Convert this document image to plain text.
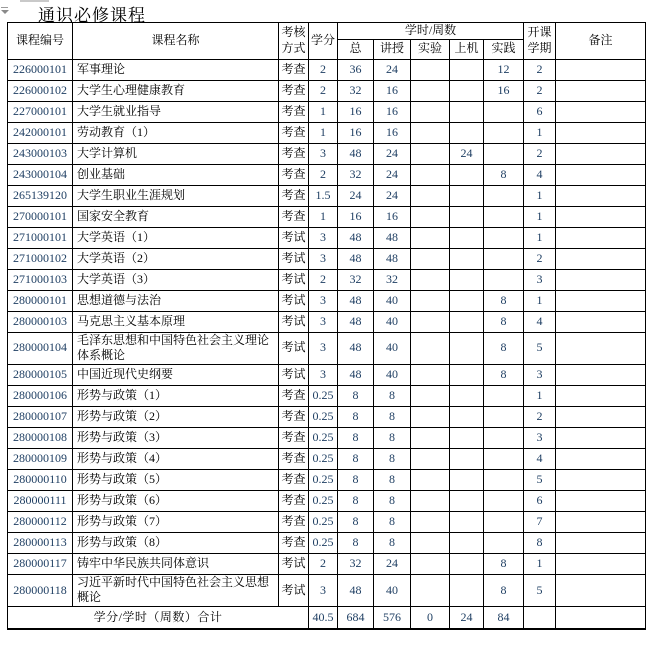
通识必修课程
课程编号	课程名称	考核方式	学分	学时/周数					开课学期	备注
				总	讲授	实验	上机	实践		
226000101	军事理论	考查	2	36	24			12	2	
226000102	大学生心理健康教育	考查	2	32	16			16	2	
227000101	大学生就业指导	考查	1	16	16				6	
242000101	劳动教育（1）	考查	1	16	16				1	
243000103	大学计算机	考查	3	48	24		24		2	
243000104	创业基础	考查	2	32	24			8	4	
265139120	大学生职业生涯规划	考查	1.5	24	24				1	
270000101	国家安全教育	考查	1	16	16				1	
271000101	大学英语（1）	考试	3	48	48				1	
271000102	大学英语（2）	考试	3	48	48				2	
271000103	大学英语（3）	考试	2	32	32				3	
280000101	思想道德与法治	考试	3	48	40			8	1	
280000103	马克思主义基本原理	考试	3	48	40			8	4	
280000104	毛泽东思想和中国特色社会主义理论体系概论	考试	3	48	40			8	5	
280000105	中国近现代史纲要	考试	3	48	40			8	3	
280000106	形势与政策（1）	考查	0.25	8	8				1	
280000107	形势与政策（2）	考查	0.25	8	8				2	
280000108	形势与政策（3）	考查	0.25	8	8				3	
280000109	形势与政策（4）	考查	0.25	8	8				4	
280000110	形势与政策（5）	考查	0.25	8	8				5	
280000111	形势与政策（6）	考查	0.25	8	8				6	
280000112	形势与政策（7）	考查	0.25	8	8				7	
280000113	形势与政策（8）	考查	0.25	8	8				8	
280000117	铸牢中华民族共同体意识	考试	2	32	24			8	1	
280000118	习近平新时代中国特色社会主义思想概论	考试	3	48	40			8	5	
学分/学时（周数）合计			40.5	684	576	0	24	84		
